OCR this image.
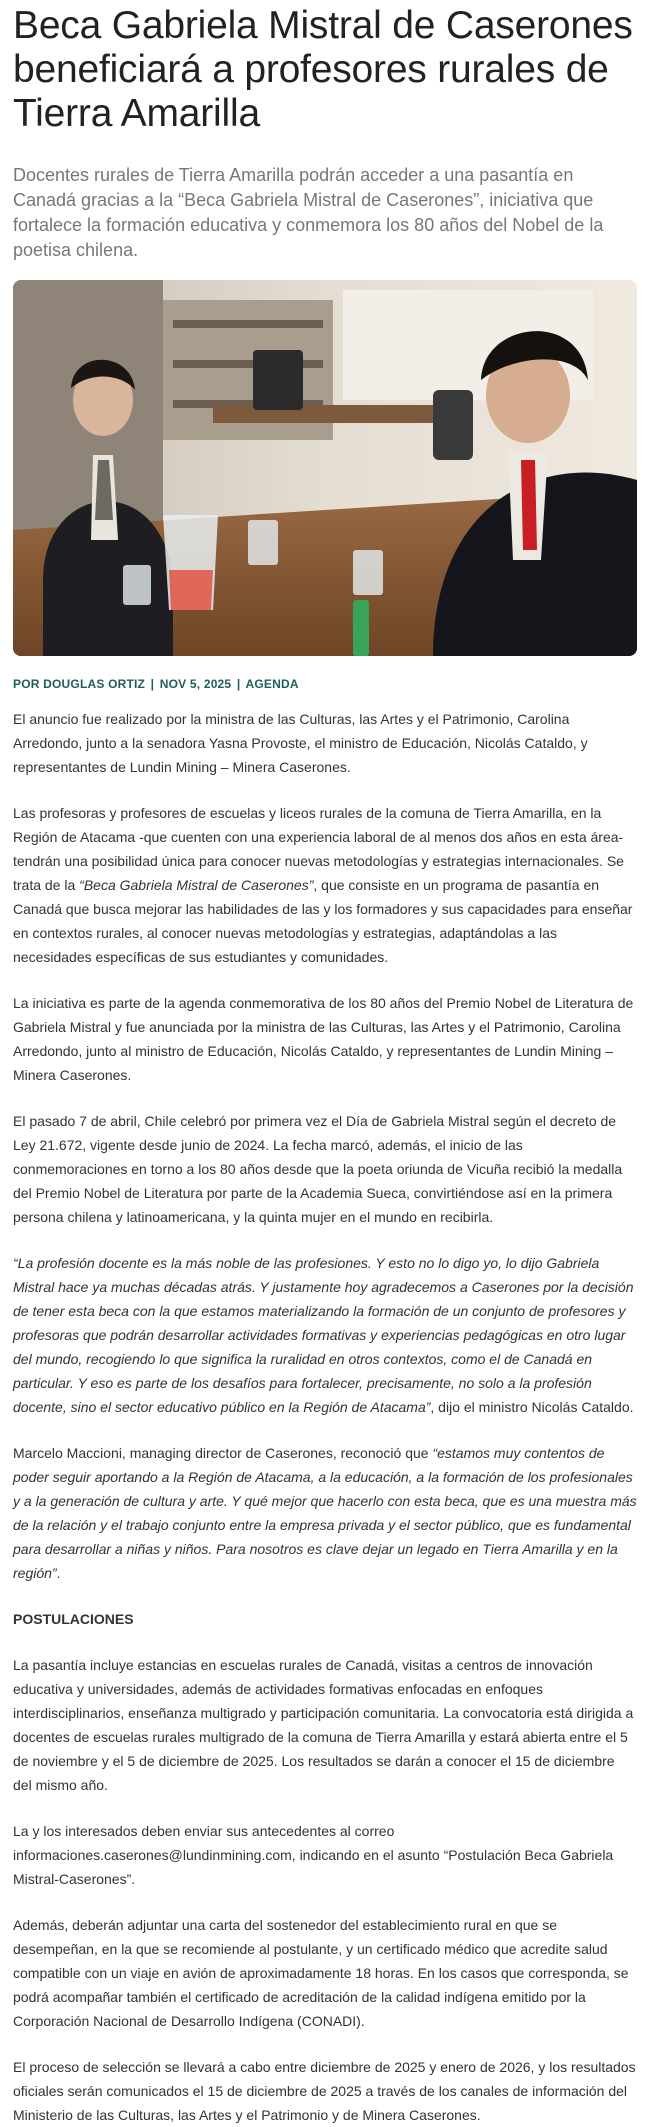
Beca Gabriela Mistral de Caserones beneficiará a profesores rurales de Tierra Amarilla

Docentes rurales de Tierra Amarilla podrán acceder a una pasantía en Canadá gracias a la “Beca Gabriela Mistral de Caserones”, iniciativa que fortalece la formación educativa y conmemora los 80 años del Nobel de la poetisa chilena.

POR DOUGLAS ORTIZ | NOV 5, 2025 | AGENDA

El anuncio fue realizado por la ministra de las Culturas, las Artes y el Patrimonio, Carolina Arredondo, junto a la senadora Yasna Provoste, el ministro de Educación, Nicolás Cataldo, y representantes de Lundin Mining – Minera Caserones.

Las profesoras y profesores de escuelas y liceos rurales de la comuna de Tierra Amarilla, en la Región de Atacama -que cuenten con una experiencia laboral de al menos dos años en esta área- tendrán una posibilidad única para conocer nuevas metodologías y estrategias internacionales. Se trata de la “Beca Gabriela Mistral de Caserones”, que consiste en un programa de pasantía en Canadá que busca mejorar las habilidades de las y los formadores y sus capacidades para enseñar en contextos rurales, al conocer nuevas metodologías y estrategias, adaptándolas a las necesidades específicas de sus estudiantes y comunidades.

La iniciativa es parte de la agenda conmemorativa de los 80 años del Premio Nobel de Literatura de Gabriela Mistral y fue anunciada por la ministra de las Culturas, las Artes y el Patrimonio, Carolina Arredondo, junto al ministro de Educación, Nicolás Cataldo, y representantes de Lundin Mining – Minera Caserones.

El pasado 7 de abril, Chile celebró por primera vez el Día de Gabriela Mistral según el decreto de Ley 21.672, vigente desde junio de 2024. La fecha marcó, además, el inicio de las conmemoraciones en torno a los 80 años desde que la poeta oriunda de Vicuña recibió la medalla del Premio Nobel de Literatura por parte de la Academia Sueca, convirtiéndose así en la primera persona chilena y latinoamericana, y la quinta mujer en el mundo en recibirla.

“La profesión docente es la más noble de las profesiones. Y esto no lo digo yo, lo dijo Gabriela Mistral hace ya muchas décadas atrás. Y justamente hoy agradecemos a Caserones por la decisión de tener esta beca con la que estamos materializando la formación de un conjunto de profesores y profesoras que podrán desarrollar actividades formativas y experiencias pedagógicas en otro lugar del mundo, recogiendo lo que significa la ruralidad en otros contextos, como el de Canadá en particular. Y eso es parte de los desafíos para fortalecer, precisamente, no solo a la profesión docente, sino el sector educativo público en la Región de Atacama”, dijo el ministro Nicolás Cataldo.

Marcelo Maccioni, managing director de Caserones, reconoció que “estamos muy contentos de poder seguir aportando a la Región de Atacama, a la educación, a la formación de los profesionales y a la generación de cultura y arte. Y qué mejor que hacerlo con esta beca, que es una muestra más de la relación y el trabajo conjunto entre la empresa privada y el sector público, que es fundamental para desarrollar a niñas y niños. Para nosotros es clave dejar un legado en Tierra Amarilla y en la región”.

POSTULACIONES

La pasantía incluye estancias en escuelas rurales de Canadá, visitas a centros de innovación educativa y universidades, además de actividades formativas enfocadas en enfoques interdisciplinarios, enseñanza multigrado y participación comunitaria. La convocatoria está dirigida a docentes de escuelas rurales multigrado de la comuna de Tierra Amarilla y estará abierta entre el 5 de noviembre y el 5 de diciembre de 2025. Los resultados se darán a conocer el 15 de diciembre del mismo año.

La y los interesados deben enviar sus antecedentes al correo informaciones.caserones@lundinmining.com, indicando en el asunto “Postulación Beca Gabriela Mistral-Caserones”.

Además, deberán adjuntar una carta del sostenedor del establecimiento rural en que se desempeñan, en la que se recomiende al postulante, y un certificado médico que acredite salud compatible con un viaje en avión de aproximadamente 18 horas. En los casos que corresponda, se podrá acompañar también el certificado de acreditación de la calidad indígena emitido por la Corporación Nacional de Desarrollo Indígena (CONADI).

El proceso de selección se llevará a cabo entre diciembre de 2025 y enero de 2026, y los resultados oficiales serán comunicados el 15 de diciembre de 2025 a través de los canales de información del Ministerio de las Culturas, las Artes y el Patrimonio y de Minera Caserones.
